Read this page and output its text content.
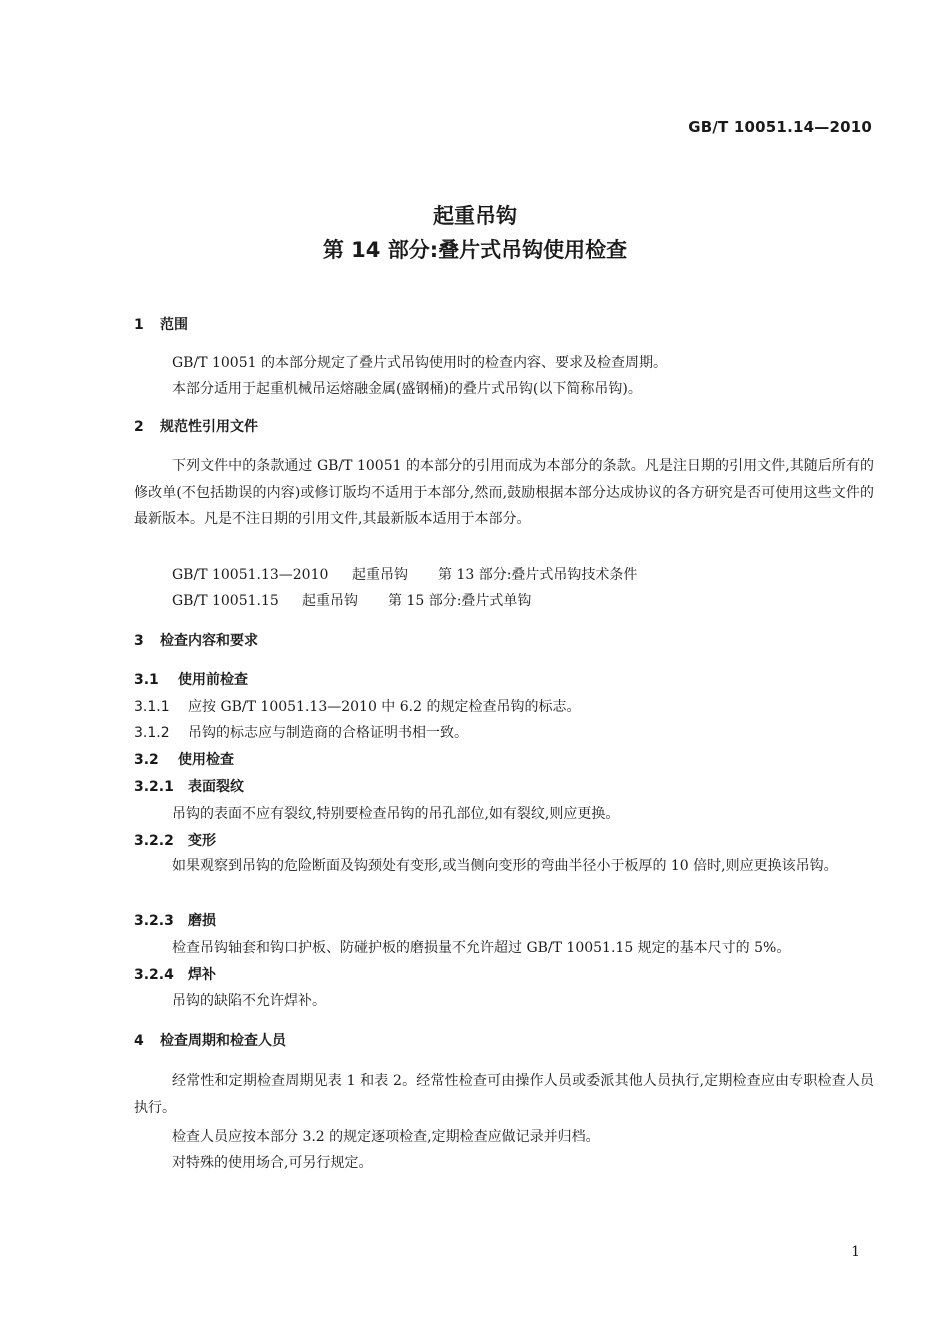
GB/T 10051.14—2010
起重吊钩
第 14 部分:叠片式吊钩使用检查
1 范围
GB/T 10051 的本部分规定了叠片式吊钩使用时的检查内容、要求及检查周期。
本部分适用于起重机械吊运熔融金属(盛钢桶)的叠片式吊钩(以下简称吊钩)。
2 规范性引用文件
下列文件中的条款通过 GB/T 10051 的本部分的引用而成为本部分的条款。凡是注日期的引用文件,其随后所有的修改单(不包括勘误的内容)或修订版均不适用于本部分,然而,鼓励根据本部分达成协议的各方研究是否可使用这些文件的最新版本。凡是不注日期的引用文件,其最新版本适用于本部分。
GB/T 10051.13—2010 起重吊钩 第 13 部分:叠片式吊钩技术条件
GB/T 10051.15 起重吊钩 第 15 部分:叠片式单钩
3 检查内容和要求
3.1 使用前检查
3.1.1 应按 GB/T 10051.13—2010 中 6.2 的规定检查吊钩的标志。
3.1.2 吊钩的标志应与制造商的合格证明书相一致。
3.2 使用检查
3.2.1 表面裂纹
吊钩的表面不应有裂纹,特别要检查吊钩的吊孔部位,如有裂纹,则应更换。
3.2.2 变形
如果观察到吊钩的危险断面及钩颈处有变形,或当侧向变形的弯曲半径小于板厚的 10 倍时,则应更换该吊钩。
3.2.3 磨损
检查吊钩轴套和钩口护板、防碰护板的磨损量不允许超过 GB/T 10051.15 规定的基本尺寸的 5%。
3.2.4 焊补
吊钩的缺陷不允许焊补。
4 检查周期和检查人员
经常性和定期检查周期见表 1 和表 2。经常性检查可由操作人员或委派其他人员执行,定期检查应由专职检查人员执行。
检查人员应按本部分 3.2 的规定逐项检查,定期检查应做记录并归档。
对特殊的使用场合,可另行规定。
1
